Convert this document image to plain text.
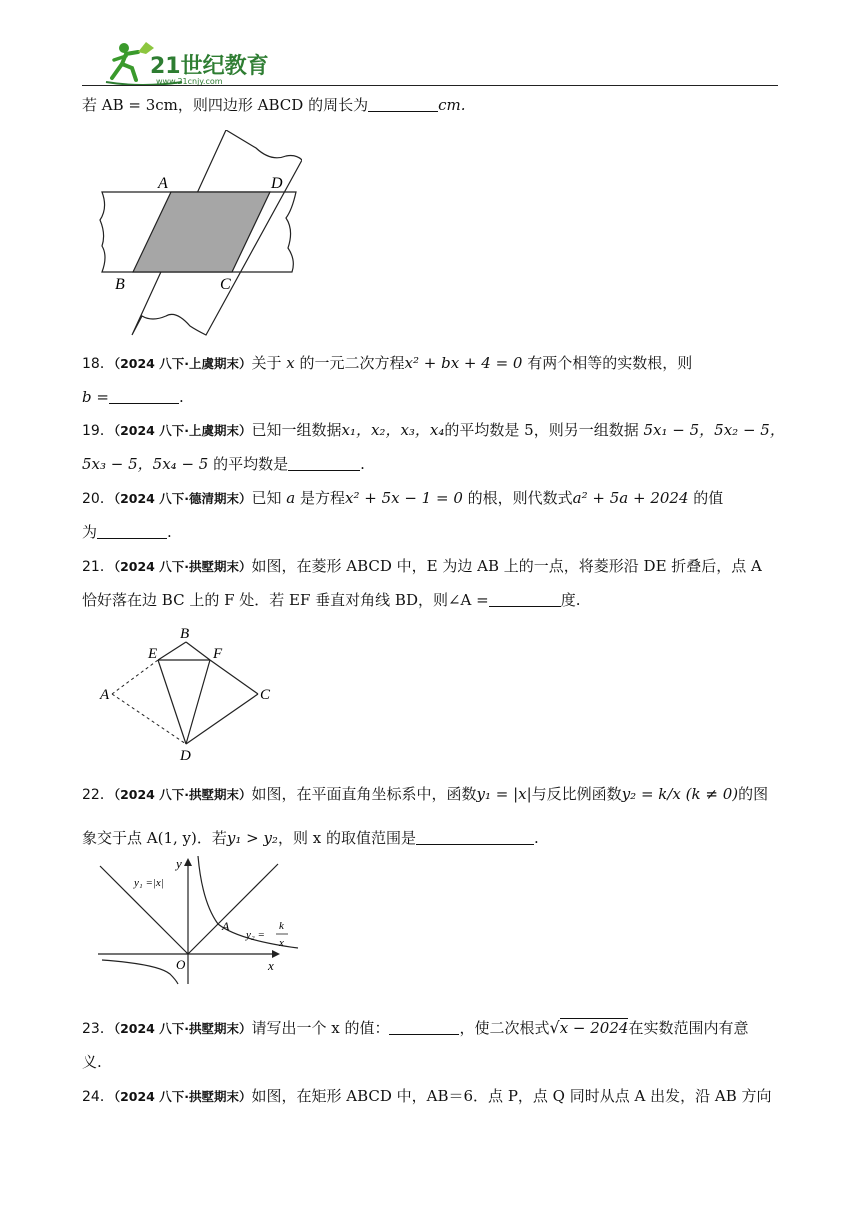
21世纪教育
www.21cnjy.com
若 AB = 3cm，则四边形 ABCD 的周长为	cm.
A	D
B	C
18．（2024 八下·上虞期末）关于 x 的一元二次方程x² + bx + 4 = 0 有两个相等的实数根，则
b =	.
19．（2024 八下·上虞期末）已知一组数据x₁，x₂，x₃，x₄的平均数是 5，则另一组数据 5x₁ − 5，5x₂ − 5，
5x₃ − 5，5x₄ − 5 的平均数是	.
20．（2024 八下·德清期末）已知 a 是方程x² + 5x − 1 = 0 的根，则代数式a² + 5a + 2024 的值
为	.
21．（2024 八下·拱墅期末）如图，在菱形 ABCD 中，E 为边 AB 上的一点，将菱形沿 DE 折叠后，点 A
恰好落在边 BC 上的 F 处．若 EF 垂直对角线 BD，则∠A =	度.
B
E	F
A	C
D
22．（2024 八下·拱墅期末）如图，在平面直角坐标系中，函数y₁ = |x|与反比例函数y₂ = k/x (k ≠ 0)的图
象交于点 A(1, y)．若y₁ > y₂，则 x 的取值范围是	.
y
x
O
A
y₁ =|x|
y₂ =
k
x
23．（2024 八下·拱墅期末）请写出一个 x 的值：	，使二次根式√x − 2024在实数范围内有意
义.
24．（2024 八下·拱墅期末）如图，在矩形 ABCD 中，AB＝6．点 P，点 Q 同时从点 A 出发，沿 AB 方向
